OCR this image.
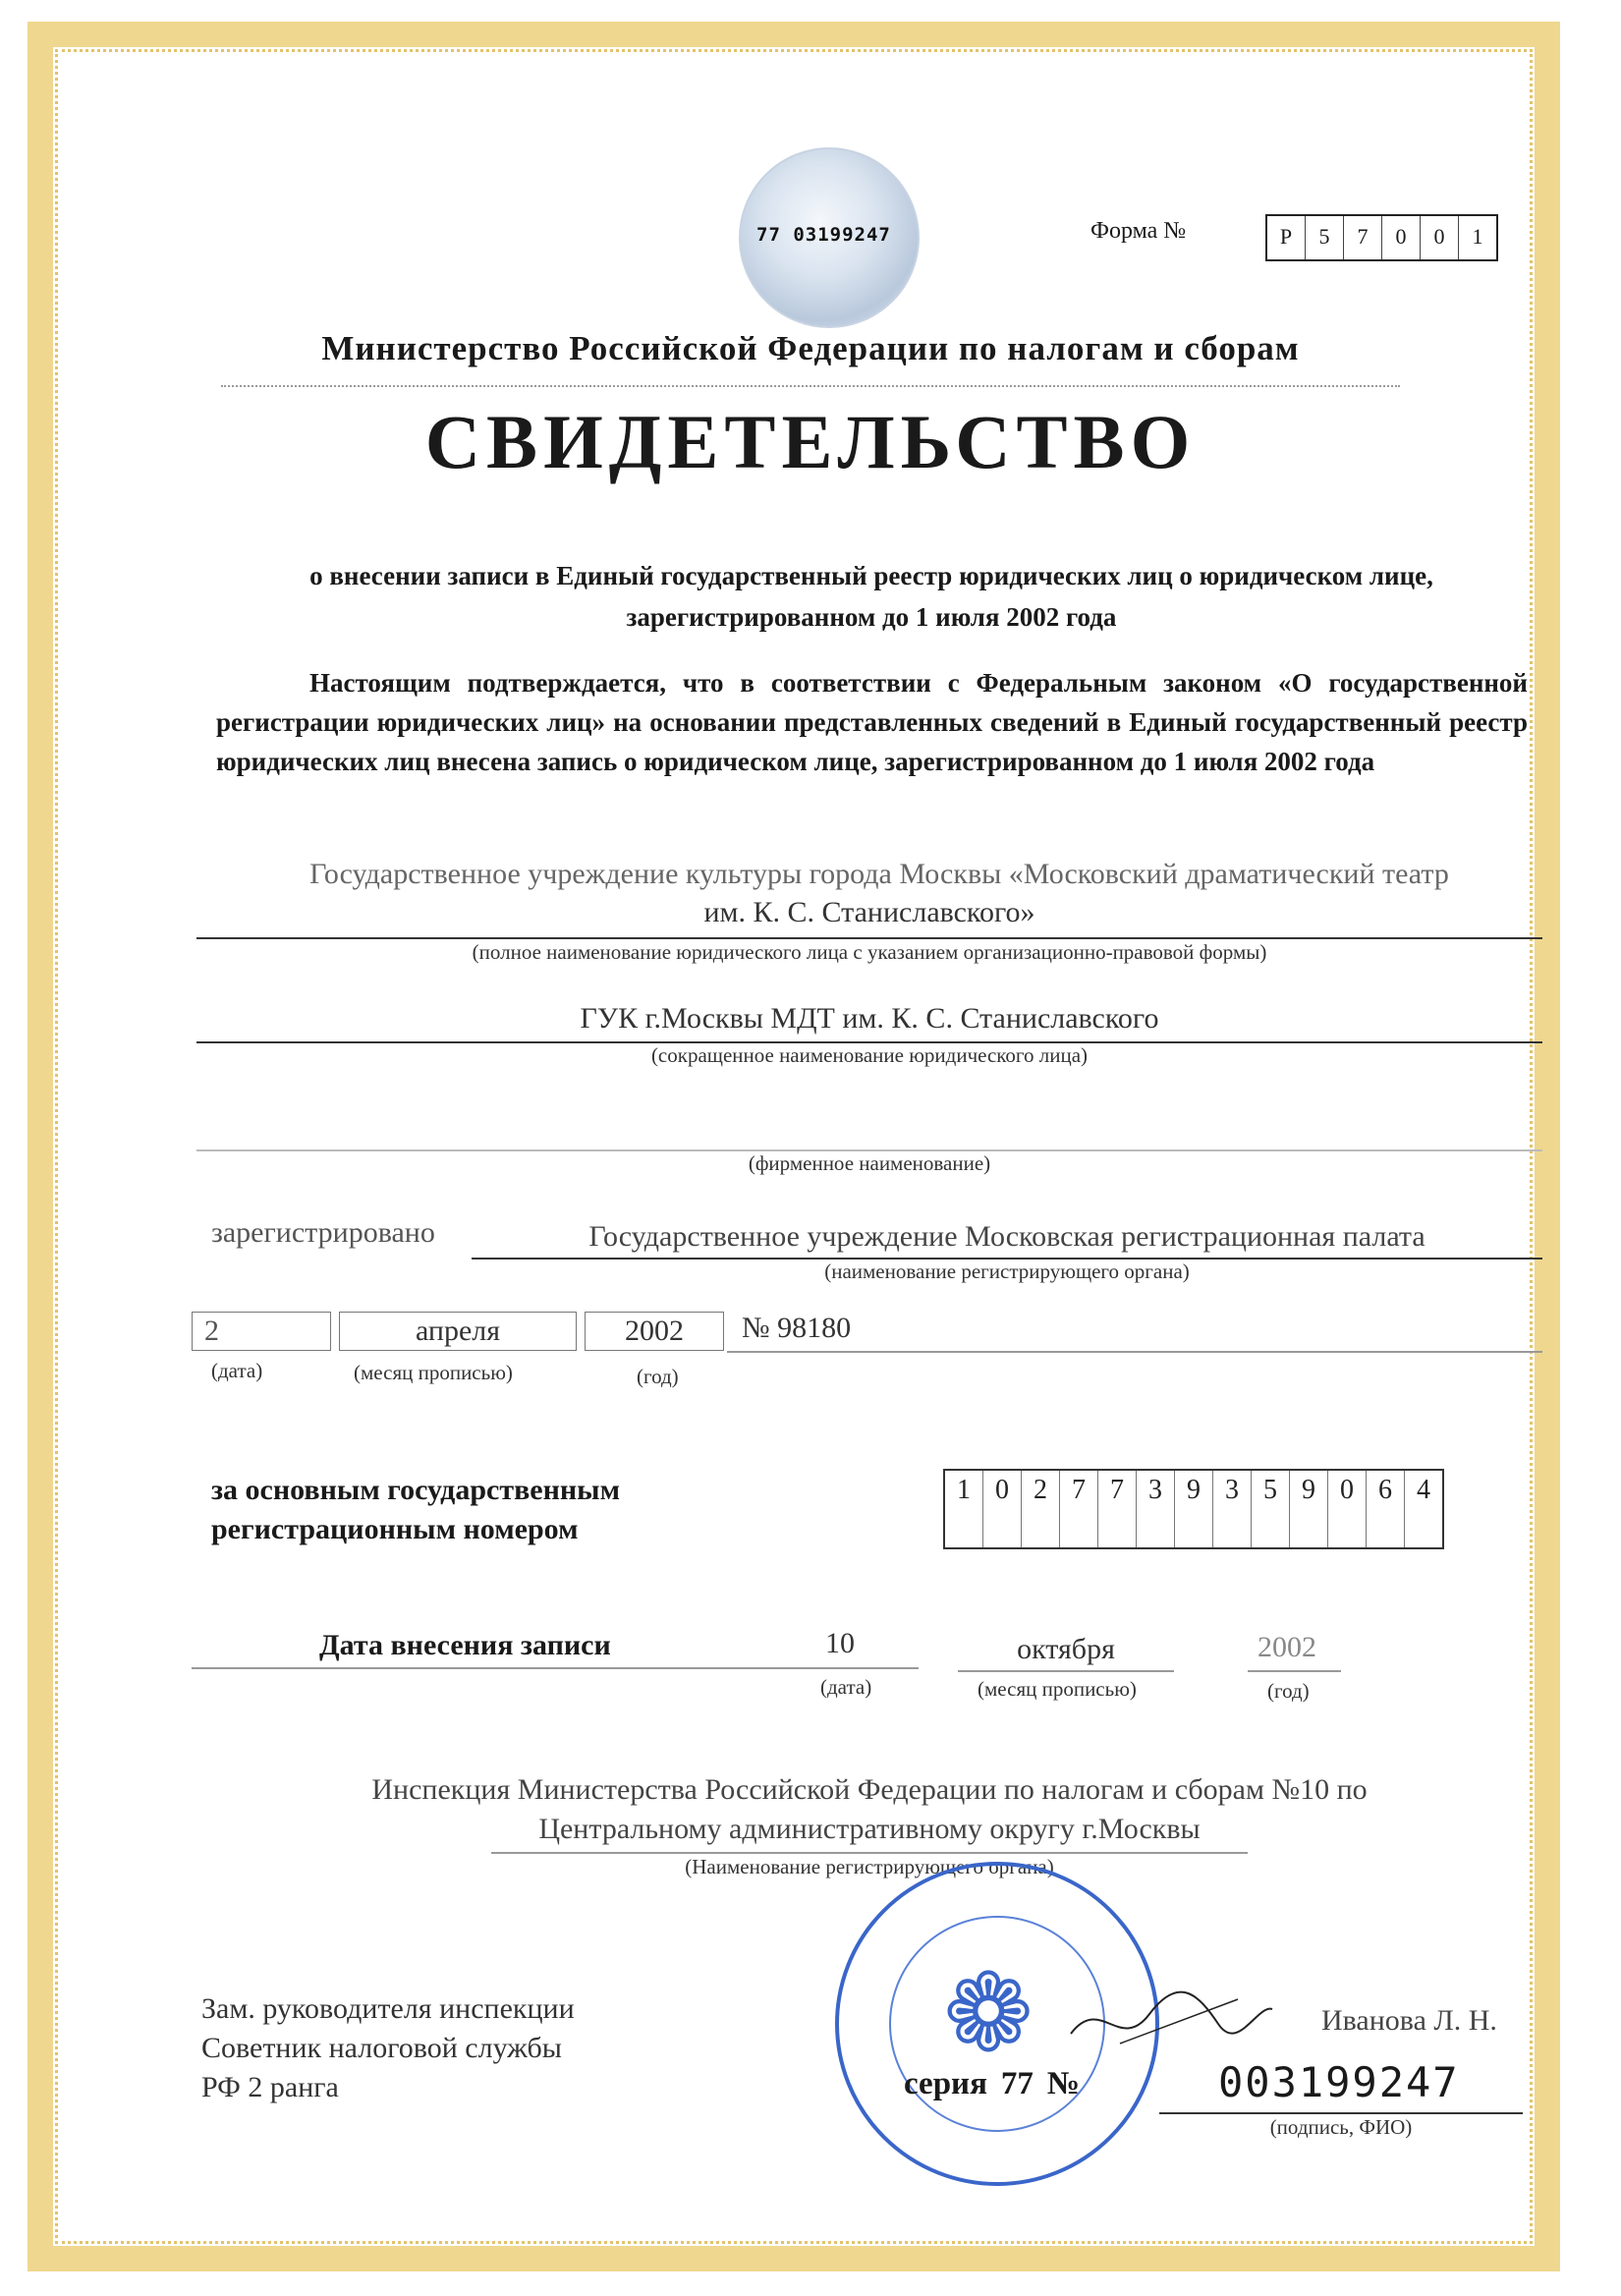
77 03199247	Форма №	Р	5	7	0	0	1
Министерство Российской Федерации по налогам и сборам
СВИДЕТЕЛЬСТВО
о внесении записи в Единый государственный реестр юридических лиц о юридическом лице, зарегистрированном до 1 июля 2002 года
Настоящим подтверждается, что в соответствии с Федеральным законом «О государственной регистрации юридических лиц» на основании представленных сведений в Единый государственный реестр юридических лиц внесена запись о юридическом лице, зарегистрированном до 1 июля 2002 года
Государственное учреждение культуры города Москвы «Московский драматический театр
им. К. С. Станиславского»
(полное наименование юридического лица с указанием организационно-правовой формы)
ГУК г.Москвы МДТ им. К. С. Станиславского
(сокращенное наименование юридического лица)
(фирменное наименование)
зарегистрировано	Государственное учреждение Московская регистрационная палата
(наименование регистрирующего органа)
2	апреля	2002 № 98180
(дата)	(месяц прописью)	(год)
за основным государственным
регистрационным номером
1 0 2 7 7 3 9 3 5 9 0 6 4
Дата внесения записи	10	октября	2002
(дата)	(месяц прописью)	(год)
Инспекция Министерства Российской Федерации по налогам и сборам №10 по
Центральному административному округу г.Москвы
(Наименование регистрирующего органа)
❁
Зам. руководителя инспекции
Советник налоговой службы
РФ 2 ранга
Иванова Л. Н.
(подпись, ФИО)
серия 77 №	003199247
